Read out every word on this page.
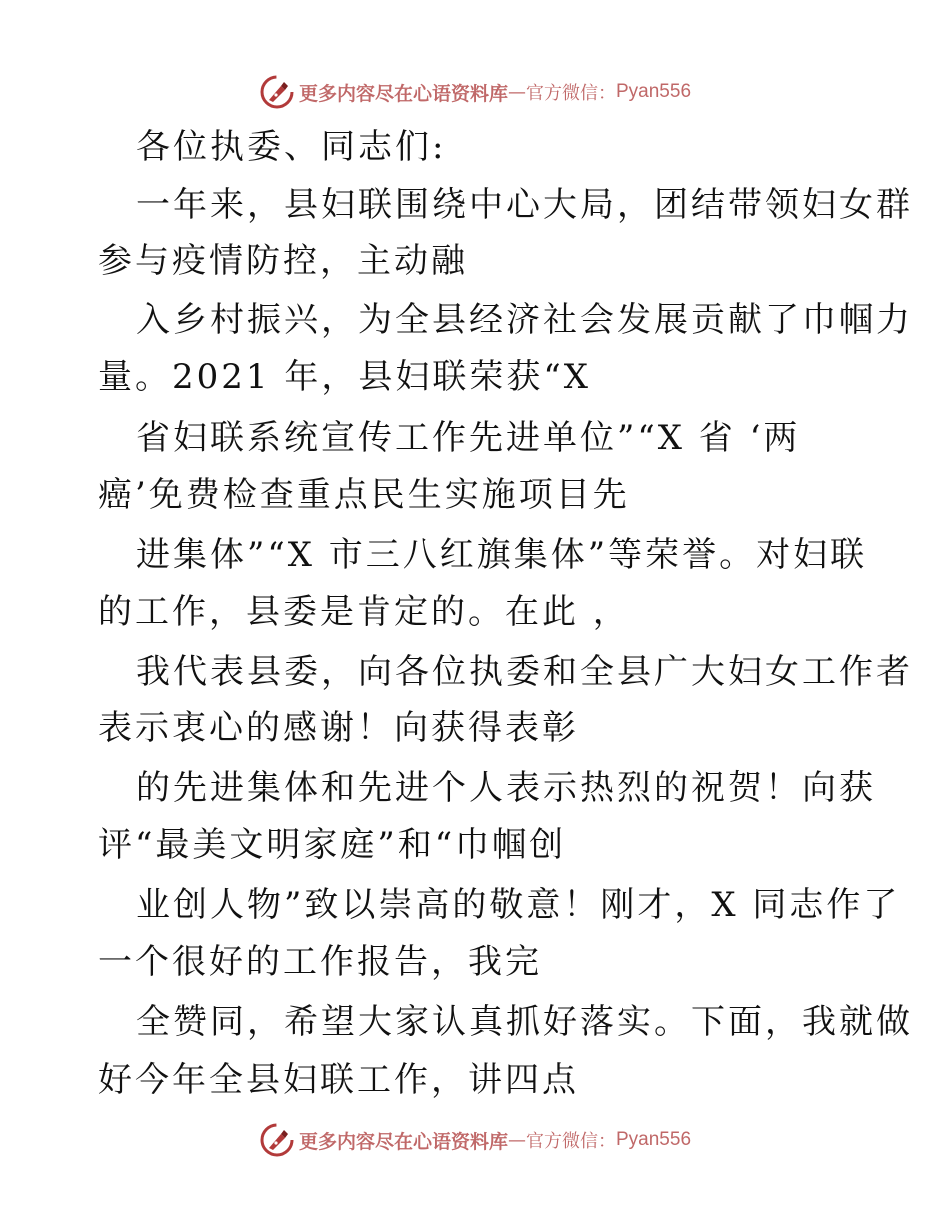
更多内容尽在心语资料库 — 官方微信： Pyan556
各位执委、同志们:
一年来，县妇联围绕中心大局，团结带领妇女群
参与疫情防控，主动融
入乡村振兴，为全县经济社会发展贡献了巾帼力
量。2021 年，县妇联荣获“X
省妇联系统宣传工作先进单位”“X 省 ‘两
癌’免费检查重点民生实施项目先
进集体”“X 市三八红旗集体”等荣誉。对妇联
的工作，县委是肯定的。在此 ，
我代表县委，向各位执委和全县广大妇女工作者
表示衷心的感谢！向获得表彰
的先进集体和先进个人表示热烈的祝贺！向获
评“最美文明家庭”和“巾帼创
业创人物”致以崇高的敬意！刚才，X 同志作了
一个很好的工作报告，我完
全赞同，希望大家认真抓好落实。下面，我就做
好今年全县妇联工作，讲四点
更多内容尽在心语资料库 — 官方微信： Pyan556
